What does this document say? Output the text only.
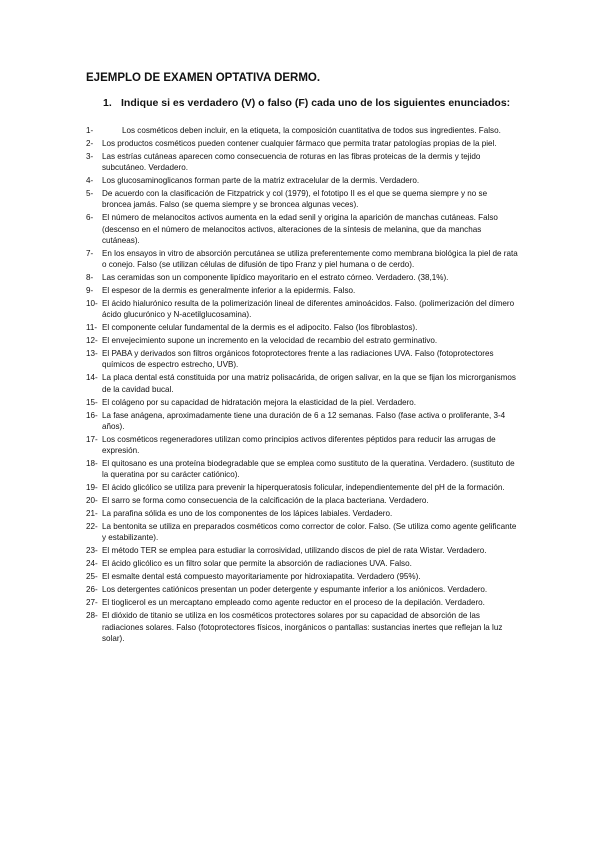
EJEMPLO DE EXAMEN OPTATIVA DERMO.
1. Indique si es verdadero (V) o falso (F) cada uno de los siguientes enunciados:
1-	Los cosméticos deben incluir, en la etiqueta, la composición cuantitativa de todos sus ingredientes. Falso.
2-	Los productos cosméticos pueden contener cualquier fármaco que permita tratar patologías propias de la piel.
3-	Las estrías cutáneas aparecen como consecuencia de roturas en las fibras proteicas de la dermis y tejido subcutáneo. Verdadero.
4-	Los glucosaminoglicanos forman parte de la matriz extracelular de la dermis. Verdadero.
5-	De acuerdo con la clasificación de Fitzpatrick y col (1979), el fototipo II es el que se quema siempre y no se broncea jamás. Falso (se quema siempre y se broncea algunas veces).
6-	El número de melanocitos activos aumenta en la edad senil y origina la aparición de manchas cutáneas. Falso (descenso en el número de melanocitos activos, alteraciones de la síntesis de melanina, que da manchas cutáneas).
7-	En los ensayos in vitro de absorción percutánea se utiliza preferentemente como membrana biológica la piel de rata o conejo. Falso (se utilizan células de difusión de tipo Franz y piel humana o de cerdo).
8-	Las ceramidas son un componente lipídico mayoritario en el estrato córneo. Verdadero. (38,1%).
9-	El espesor de la dermis es generalmente inferior a la epidermis. Falso.
10- El ácido hialurónico resulta de la polimerización lineal de diferentes aminoácidos. Falso. (polimerización del dímero ácido glucurónico y N-acetilglucosamina).
11- El componente celular fundamental de la dermis es el adipocito. Falso (los fibroblastos).
12- El envejecimiento supone un incremento en la velocidad de recambio del estrato germinativo.
13- El PABA y derivados son filtros orgánicos fotoprotectores frente a las radiaciones UVA. Falso (fotoprotectores químicos de espectro estrecho, UVB).
14- La placa dental está constituida por una matriz polisacárida, de origen salivar, en la que se fijan los microrganismos de la cavidad bucal.
15- El colágeno por su capacidad de hidratación mejora la elasticidad de la piel. Verdadero.
16- La fase anágena, aproximadamente tiene una duración de 6 a 12 semanas. Falso (fase activa o proliferante, 3-4 años).
17- Los cosméticos regeneradores utilizan como principios activos diferentes péptidos para reducir las arrugas de expresión.
18- El quitosano es una proteína biodegradable que se emplea como sustituto de la queratina. Verdadero. (sustituto de la queratina por su carácter catiónico).
19- El ácido glicólico se utiliza para prevenir la hiperqueratosis folicular, independientemente del pH de la formación.
20- El sarro se forma como consecuencia de la calcificación de la placa bacteriana. Verdadero.
21- La parafina sólida es uno de los componentes de los lápices labiales. Verdadero.
22- La bentonita se utiliza en preparados cosméticos como corrector de color. Falso. (Se utiliza como agente gelificante y estabilizante).
23- El método TER se emplea para estudiar la corrosividad, utilizando discos de piel de rata Wistar. Verdadero.
24- El ácido glicólico es un filtro solar que permite la absorción de radiaciones UVA. Falso.
25- El esmalte dental está compuesto mayoritariamente por hidroxiapatita. Verdadero (95%).
26- Los detergentes catiónicos presentan un poder detergente y espumante inferior a los aniónicos. Verdadero.
27- El tioglicerol es un mercaptano empleado como agente reductor en el proceso de la depilación. Verdadero.
28- El dióxido de titanio se utiliza en los cosméticos protectores solares por su capacidad de absorción de las radiaciones solares. Falso (fotoprotectores físicos, inorgánicos o pantallas: sustancias inertes que reflejan la luz solar).
